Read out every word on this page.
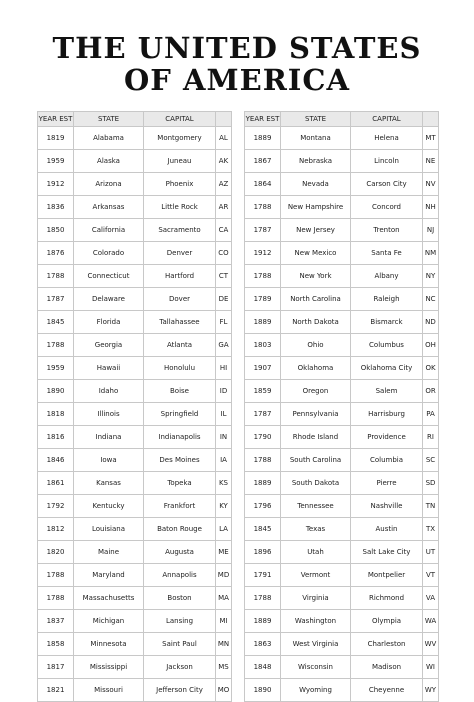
THE UNITED STATES
OF AMERICA
YEAR EST	STATE	CAPITAL	
1819	Alabama	Montgomery	AL
1959	Alaska	Juneau	AK
1912	Arizona	Phoenix	AZ
1836	Arkansas	Little Rock	AR
1850	California	Sacramento	CA
1876	Colorado	Denver	CO
1788	Connecticut	Hartford	CT
1787	Delaware	Dover	DE
1845	Florida	Tallahassee	FL
1788	Georgia	Atlanta	GA
1959	Hawaii	Honolulu	HI
1890	Idaho	Boise	ID
1818	Illinois	Springfield	IL
1816	Indiana	Indianapolis	IN
1846	Iowa	Des Moines	IA
1861	Kansas	Topeka	KS
1792	Kentucky	Frankfort	KY
1812	Louisiana	Baton Rouge	LA
1820	Maine	Augusta	ME
1788	Maryland	Annapolis	MD
1788	Massachusetts	Boston	MA
1837	Michigan	Lansing	MI
1858	Minnesota	Saint Paul	MN
1817	Mississippi	Jackson	MS
1821	Missouri	Jefferson City	MO
YEAR EST	STATE	CAPITAL	
1889	Montana	Helena	MT
1867	Nebraska	Lincoln	NE
1864	Nevada	Carson City	NV
1788	New Hampshire	Concord	NH
1787	New Jersey	Trenton	NJ
1912	New Mexico	Santa Fe	NM
1788	New York	Albany	NY
1789	North Carolina	Raleigh	NC
1889	North Dakota	Bismarck	ND
1803	Ohio	Columbus	OH
1907	Oklahoma	Oklahoma City	OK
1859	Oregon	Salem	OR
1787	Pennsylvania	Harrisburg	PA
1790	Rhode Island	Providence	RI
1788	South Carolina	Columbia	SC
1889	South Dakota	Pierre	SD
1796	Tennessee	Nashville	TN
1845	Texas	Austin	TX
1896	Utah	Salt Lake City	UT
1791	Vermont	Montpelier	VT
1788	Virginia	Richmond	VA
1889	Washington	Olympia	WA
1863	West Virginia	Charleston	WV
1848	Wisconsin	Madison	WI
1890	Wyoming	Cheyenne	WY
